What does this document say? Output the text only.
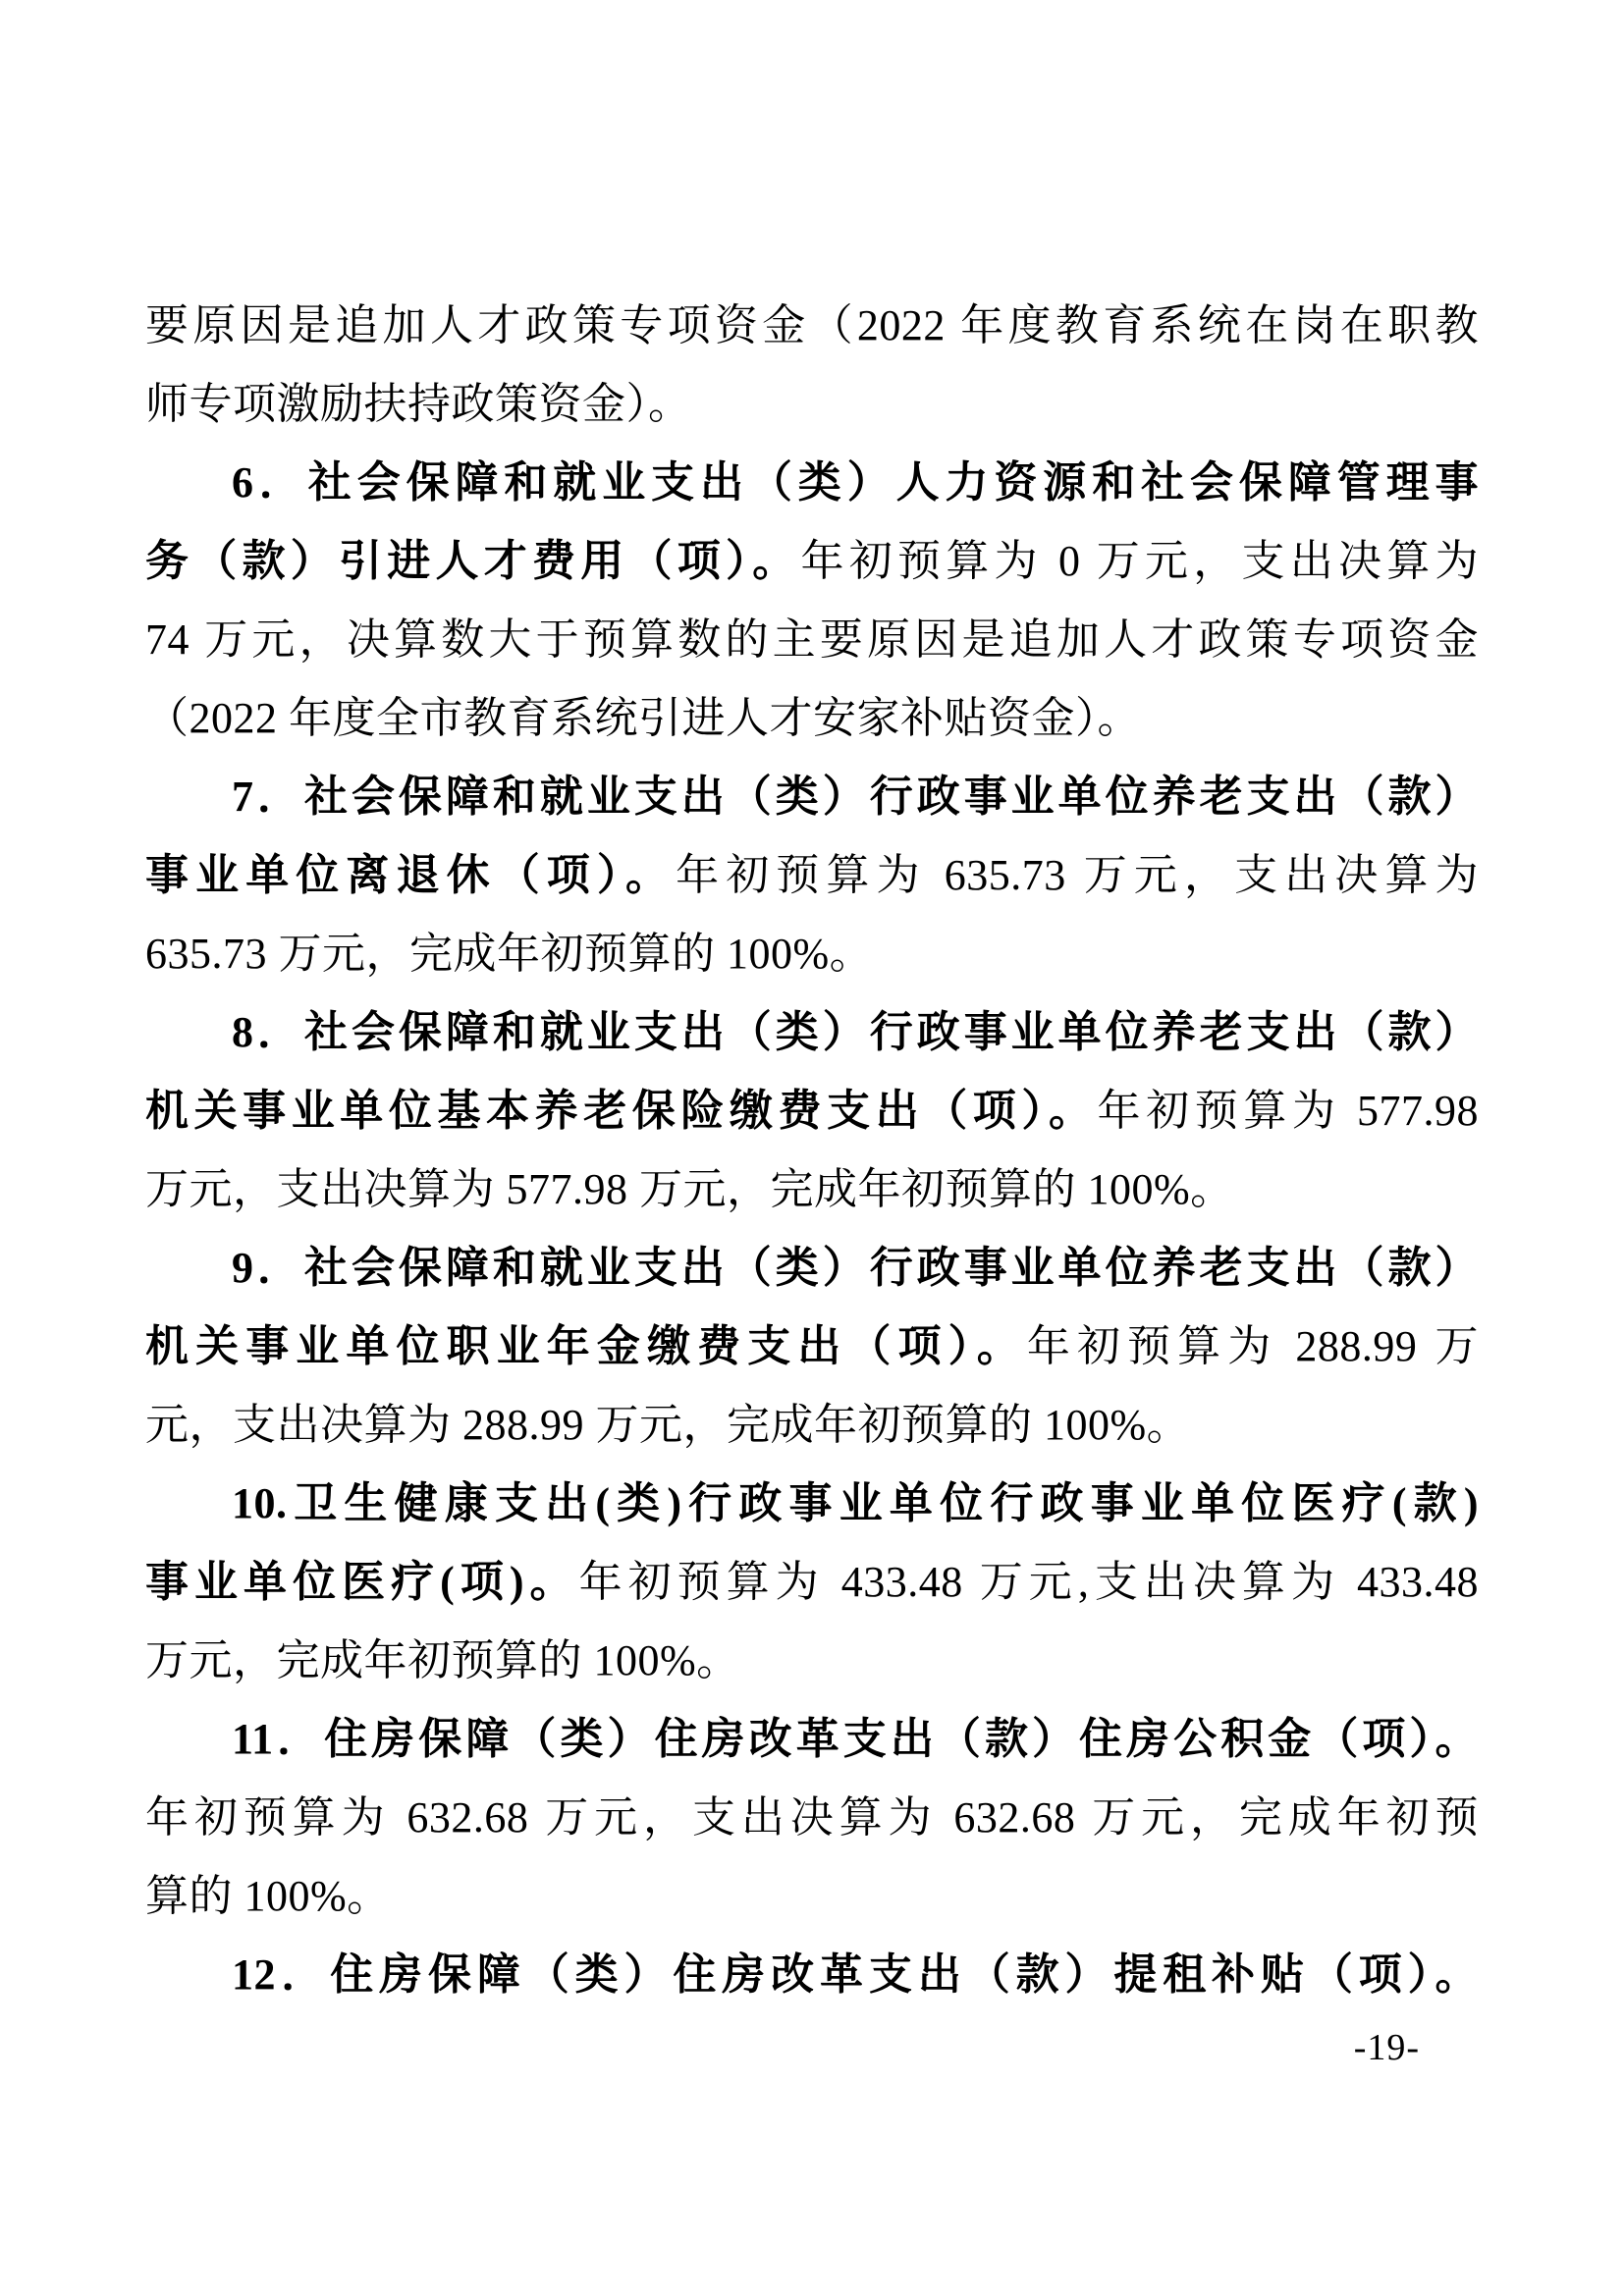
要原因是追加人才政策专项资金（2022 年度教育系统在岗在职教
师专项激励扶持政策资金）。
6．社会保障和就业支出（类）人力资源和社会保障管理事
务（款）引进人才费用（项）。年初预算为 0 万元，支出决算为
74 万元，决算数大于预算数的主要原因是追加人才政策专项资金
（2022 年度全市教育系统引进人才安家补贴资金）。
7．社会保障和就业支出（类）行政事业单位养老支出（款）
事业单位离退休（项）。年初预算为 635.73 万元，支出决算为
635.73 万元，完成年初预算的 100%。
8．社会保障和就业支出（类）行政事业单位养老支出（款）
机关事业单位基本养老保险缴费支出（项）。年初预算为 577.98
万元，支出决算为 577.98 万元，完成年初预算的 100%。
9．社会保障和就业支出（类）行政事业单位养老支出（款）
机关事业单位职业年金缴费支出（项）。年初预算为 288.99 万
元，支出决算为 288.99 万元，完成年初预算的 100%。
10.卫生健康支出(类)行政事业单位行政事业单位医疗(款)
事业单位医疗(项)。年初预算为 433.48 万元,支出决算为 433.48
万元，完成年初预算的 100%。
11．住房保障（类）住房改革支出（款）住房公积金（项）。
年初预算为 632.68 万元，支出决算为 632.68 万元，完成年初预
算的 100%。
12．住房保障（类）住房改革支出（款）提租补贴（项）。
-19-
